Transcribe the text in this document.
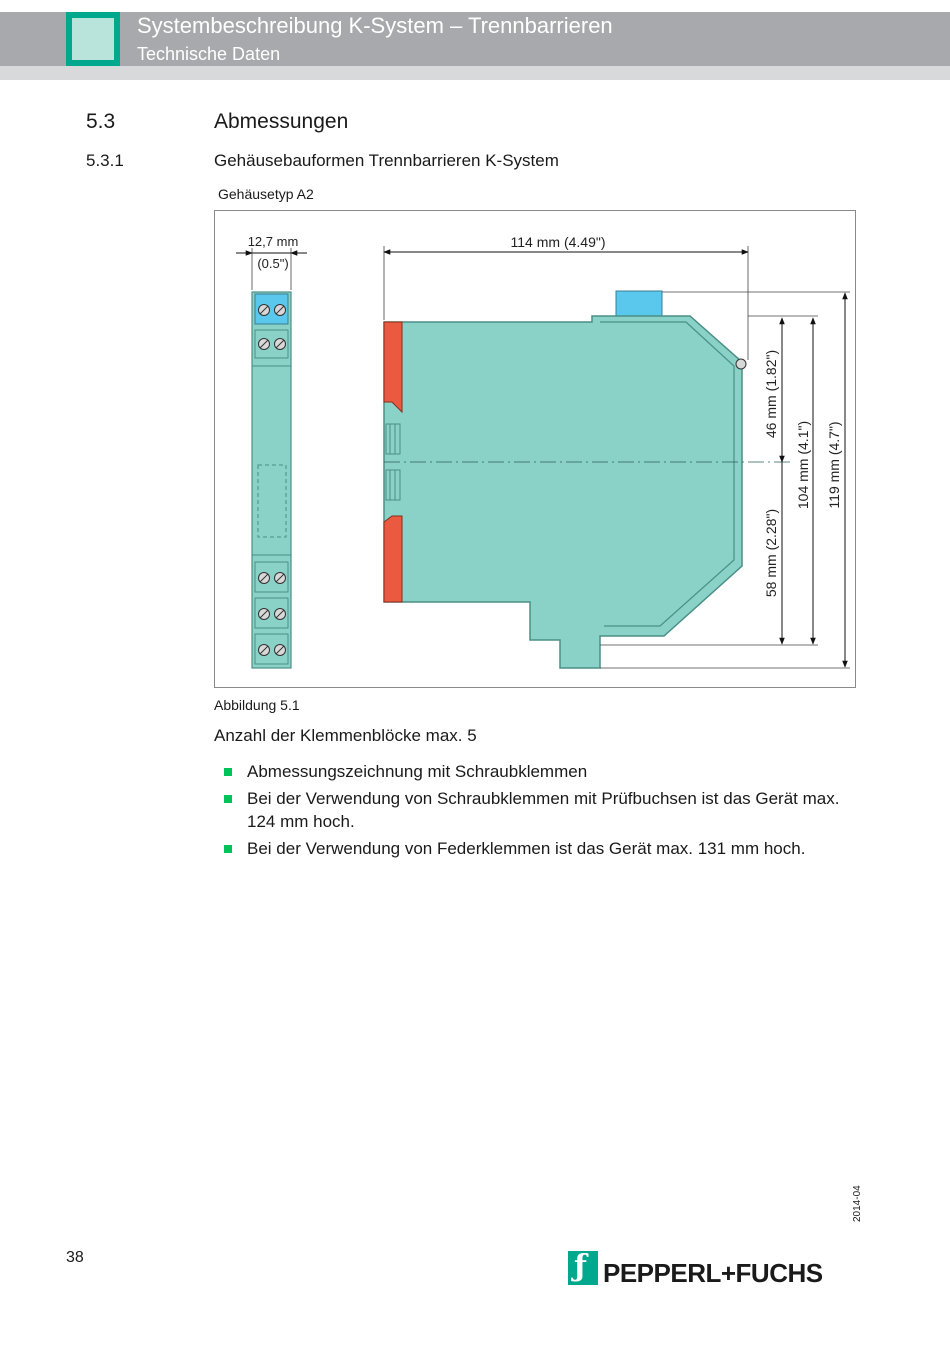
Systembeschreibung K-System – Trennbarrieren
Technische Daten
5.3	Abmessungen
5.3.1	Gehäusebauformen Trennbarrieren K-System
Gehäusetyp A2
12,7 mm
(0.5")
114 mm (4.49")
46 mm (1.82")
58 mm (2.28")
104 mm (4.1") 119 mm (4.7")
Abbildung 5.1
Anzahl der Klemmenblöcke max. 5
Abmessungszeichnung mit Schraubklemmen
Bei der Verwendung von Schraubklemmen mit Prüfbuchsen ist das Gerät max. 124 mm hoch.
Bei der Verwendung von Federklemmen ist das Gerät max. 131 mm hoch.
2014-04
38	ƒ PEPPERL+FUCHS
